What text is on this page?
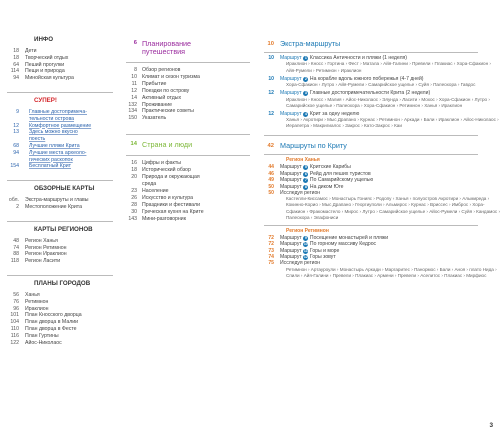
ИНФО
18	Дети
18	Творческий отдых
64	Пеший прогулки
114	Пещи и природа
94	Минойская культура
СУПЕР!
9	Главные достопримеча-
тельности острова
12	Комфортное размещение
13	Здесь можно вкусно
поесть
68	Лучшие пляжи Крита
94	Лучшие места археоло-
гических раскопок
154	Бесплатный Крит
ОБЗОРНЫЕ КАРТЫ
обл.	Экстра-маршруты и главы
2	Местоположение Крита
КАРТЫ РЕГИОНОВ
48	Регион Ханья
74	Регион Ретимнон
88	Регион Ираклион
118	Регион Ласити
ПЛАНЫ ГОРОДОВ
56	Ханья
76	Ретимнон
96	Ираклион
101	План Кносского дворца
104	План дворца в Малии
110	План дворца в Фесте
116	План Гуртины
122	Айос-Николаос
6 Планирование путешествия
8 Обзор регионов
10 Климат и сезон туризма
11 Прибытие
12 Поездки по острову
14 Активный отдых
132 Проживание
134 Практические советы
150 Указатель
14 Страна и люди
16 Цифры и факты
18 Исторический обзор
20 Природа и окружающая
среда
23 Население
26 Искусство и культура
28 Праздники и фестивали
30 Греческая кухня на Крите
143 Мини-разговорник
10 Экстра-маршруты
10	Маршрут 1 Классика Античности и пляжи (1 неделя)
Ираклион › Кносс › Гортина › Фест › Матала › Айя-Галини › Превели › Плакиас › Хора-Сфакион › Айя-Румели › Ретимнон › Ираклион
10	Маршрут 2 На корабле вдоль южного побережья (4-7 дней)
Хора-Сфакион › Лутро › Айя-Румели › Самарийское ущелье › Суйя › Палеохора › Гавдос
12	Маршрут 3 Главные достопримечательности Крита (2 недели)
Ираклион › Кносс › Малия › Айос-Николаос › Элунда › Ласити › Мохос › Хора-Сфакион › Лутро › Самарийское ущелье › Палеохора › Хора-Сфакион › Ретимнон › Ханья › Ираклион
12	Маршрут 4 Крит за одну неделю
Ханья › Акротири › Мыс Драпано › Курнас › Ретимнон › Аркади › Бали › Ираклион › Айос-Николаос › Иерапетра › Макригиалос › Закрос › Като-Закрос › Каи
42 Маршруты по Криту
Регион Ханья
44	Маршрут 5 Критские Карибы
46	Маршрут 6 Рейд для пеших туристов
49	Маршрут 7 По Самарийскому ущелью
50	Маршрут 8 На диком Юге
50	Исследуя регион
Кастелли-Киссамос › Монастырь Гонияс › Родопу › Ханья › полуостров Акротири › Альмиреда › Кокинно-Корио › Мыс Драпано › Георгиуполи › Альмирос › Курнас › Вриссес › Имброс › Хора-Сфакион › Фракомастело › Мирос › Лутро › Самарийское ущелье › Айос-Румели › Суйя › Кандамос › Палеохора › Элафониси
Регион Ретимнон
72	Маршрут 9 Посещение монастырей и пляжи
72	Маршрут 10 По горному массиву Кедрос
73	Маршрут 11 Горы и море
74	Маршрут 12 Горы зовут
75	Исследуя регион
Ретимнон › Артауроули › Монастырь Аркади › Маргаритес › Панормос › Бали › Аноя › плато Нида › Спили › Айя-Галини › Превели › Плакиас › Армени › Превели › Аселитос › Плакиас › Мирфиос
3
